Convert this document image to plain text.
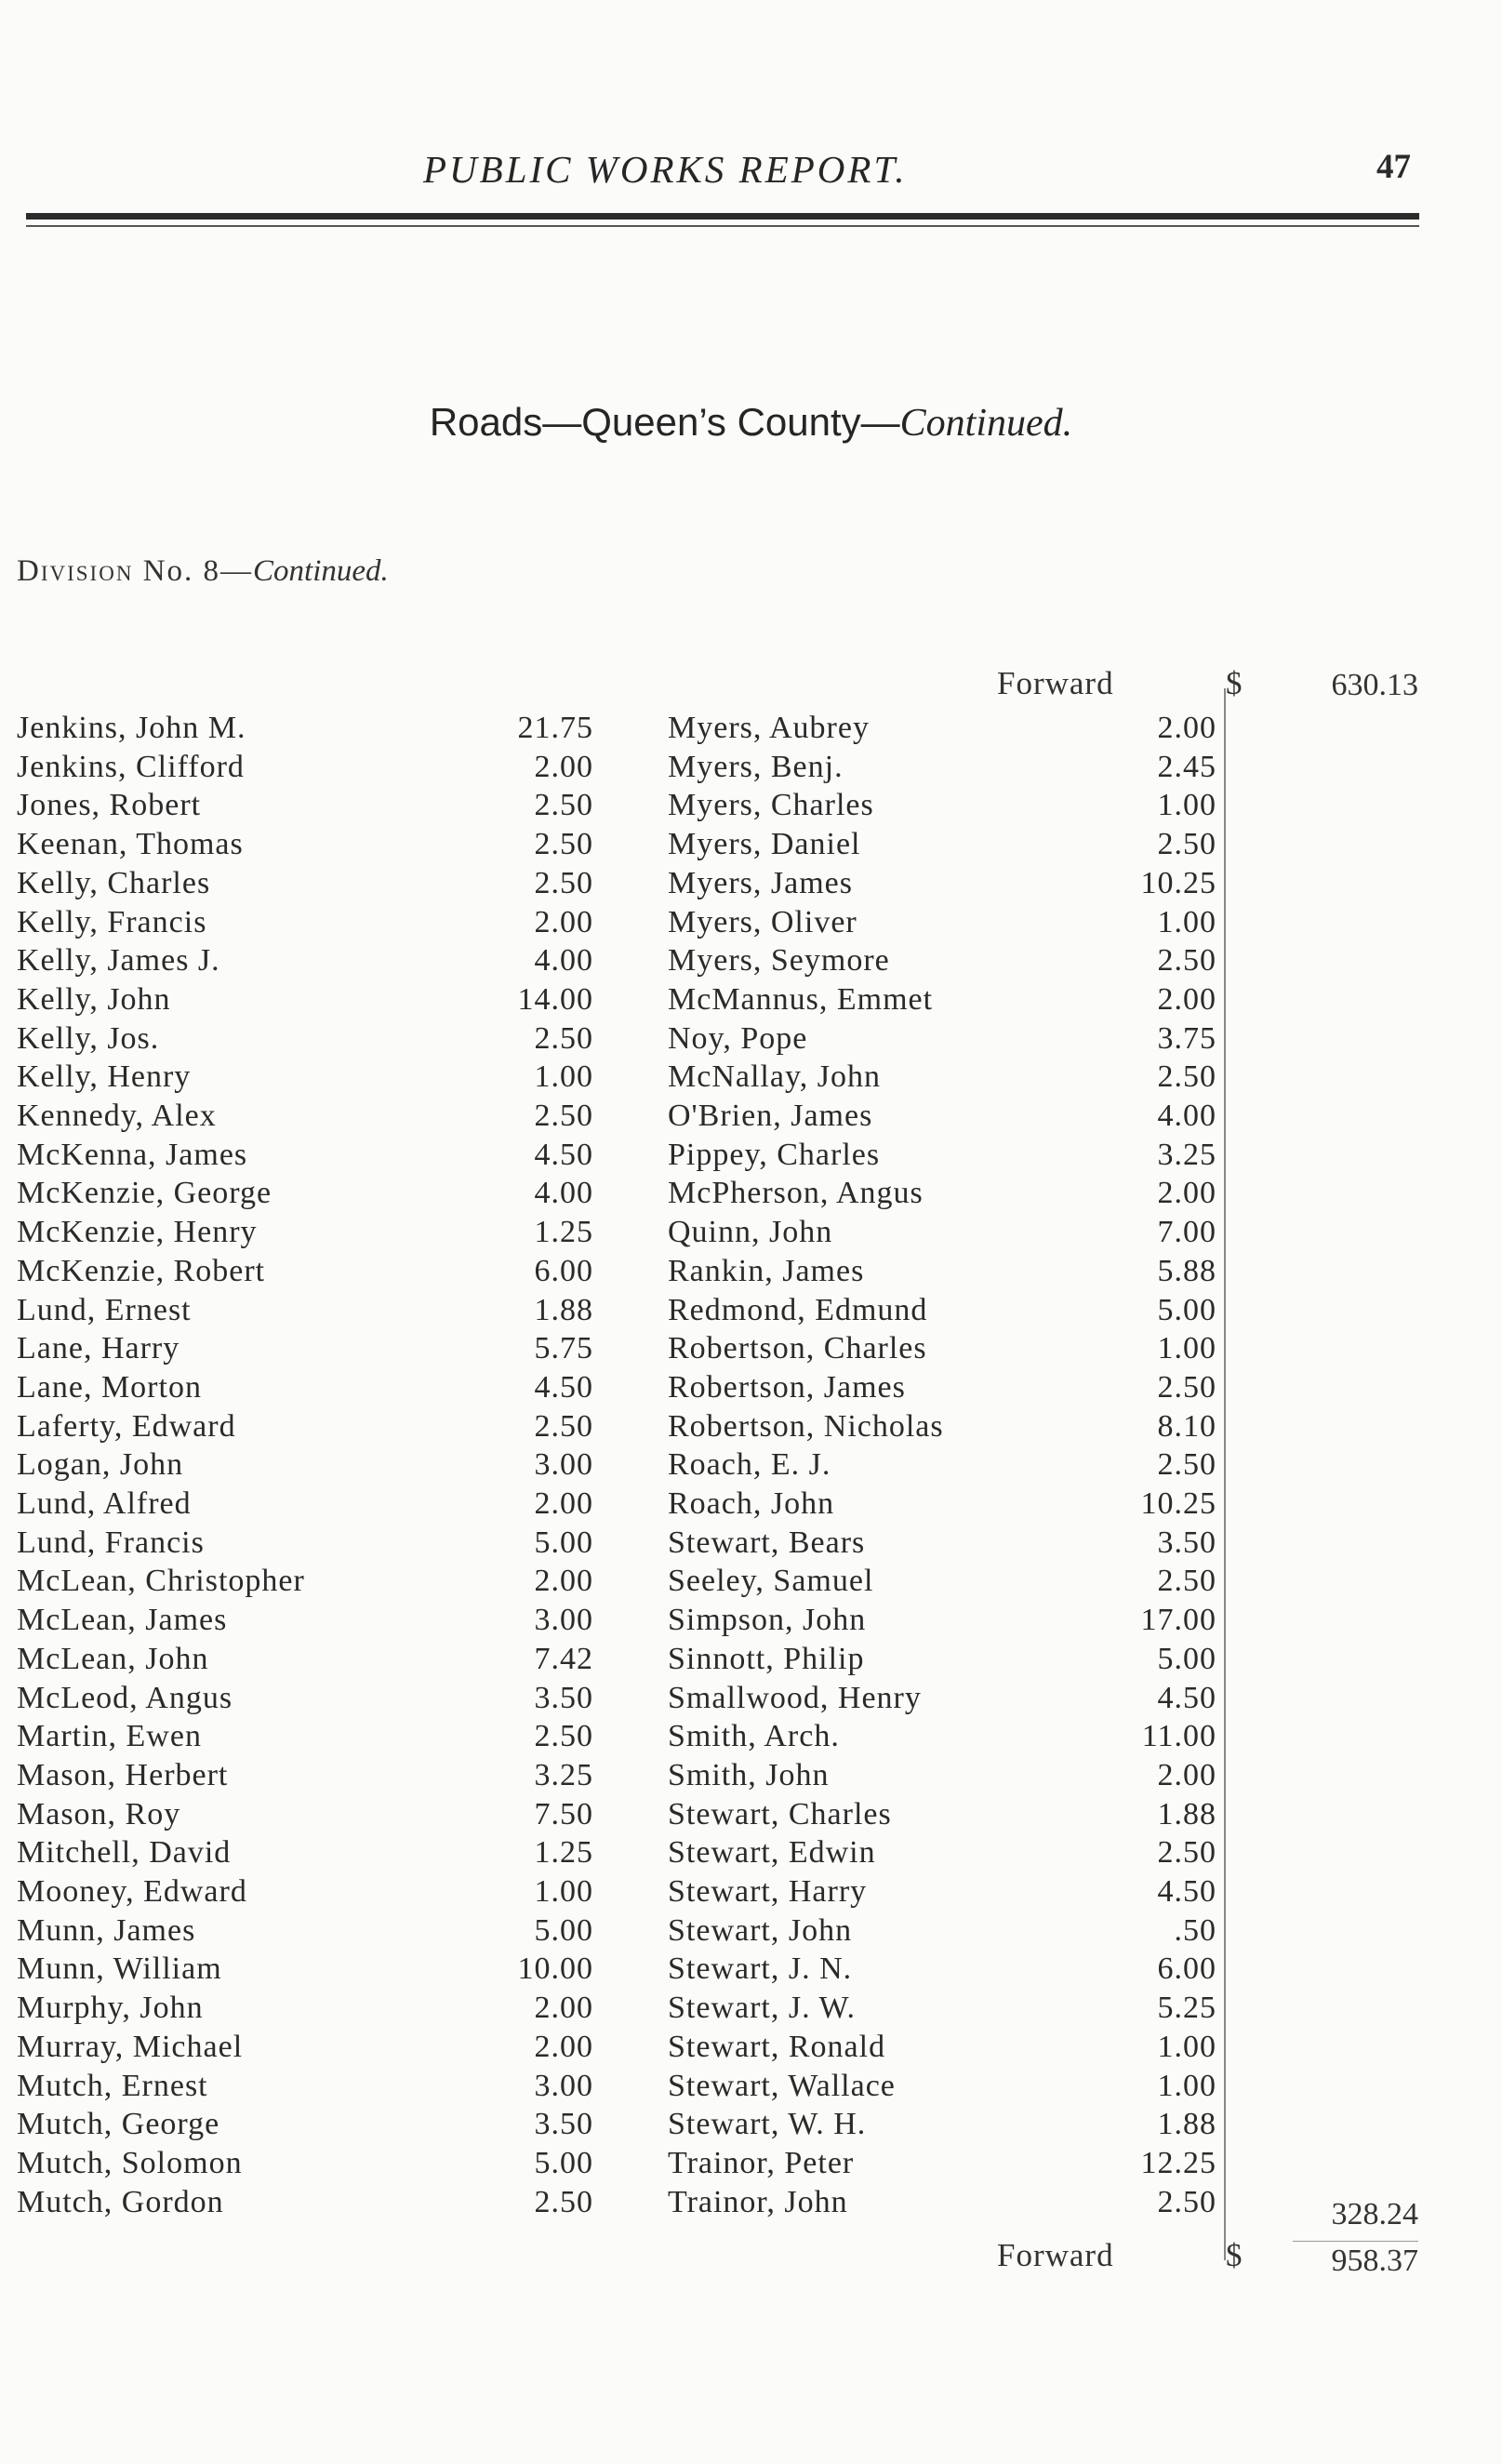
PUBLIC WORKS REPORT.	47
Roads—Queen’s County—Continued.
Division No. 8—Continued.
Forward	$	630.13
Jenkins, John M.	21.75
Jenkins, Clifford	2.00
Jones, Robert	2.50
Keenan, Thomas	2.50
Kelly, Charles	2.50
Kelly, Francis	2.00
Kelly, James J.	4.00
Kelly, John	14.00
Kelly, Jos.	2.50
Kelly, Henry	1.00
Kennedy, Alex	2.50
McKenna, James	4.50
McKenzie, George	4.00
McKenzie, Henry	1.25
McKenzie, Robert	6.00
Lund, Ernest	1.88
Lane, Harry	5.75
Lane, Morton	4.50
Laferty, Edward	2.50
Logan, John	3.00
Lund, Alfred	2.00
Lund, Francis	5.00
McLean, Christopher	2.00
McLean, James	3.00
McLean, John	7.42
McLeod, Angus	3.50
Martin, Ewen	2.50
Mason, Herbert	3.25
Mason, Roy	7.50
Mitchell, David	1.25
Mooney, Edward	1.00
Munn, James	5.00
Munn, William	10.00
Murphy, John	2.00
Murray, Michael	2.00
Mutch, Ernest	3.00
Mutch, George	3.50
Mutch, Solomon	5.00
Mutch, Gordon	2.50
Myers, Aubrey	2.00
Myers, Benj.	2.45
Myers, Charles	1.00
Myers, Daniel	2.50
Myers, James	10.25
Myers, Oliver	1.00
Myers, Seymore	2.50
McMannus, Emmet	2.00
Noy, Pope	3.75
McNallay, John	2.50
O'Brien, James	4.00
Pippey, Charles	3.25
McPherson, Angus	2.00
Quinn, John	7.00
Rankin, James	5.88
Redmond, Edmund	5.00
Robertson, Charles	1.00
Robertson, James	2.50
Robertson, Nicholas	8.10
Roach, E. J.	2.50
Roach, John	10.25
Stewart, Bears	3.50
Seeley, Samuel	2.50
Simpson, John	17.00
Sinnott, Philip	5.00
Smallwood, Henry	4.50
Smith, Arch.	11.00
Smith, John	2.00
Stewart, Charles	1.88
Stewart, Edwin	2.50
Stewart, Harry	4.50
Stewart, John	.50
Stewart, J. N.	6.00
Stewart, J. W.	5.25
Stewart, Ronald	1.00
Stewart, Wallace	1.00
Stewart, W. H.	1.88
Trainor, Peter	12.25
Trainor, John	2.50	328.24
Forward	$	958.37
